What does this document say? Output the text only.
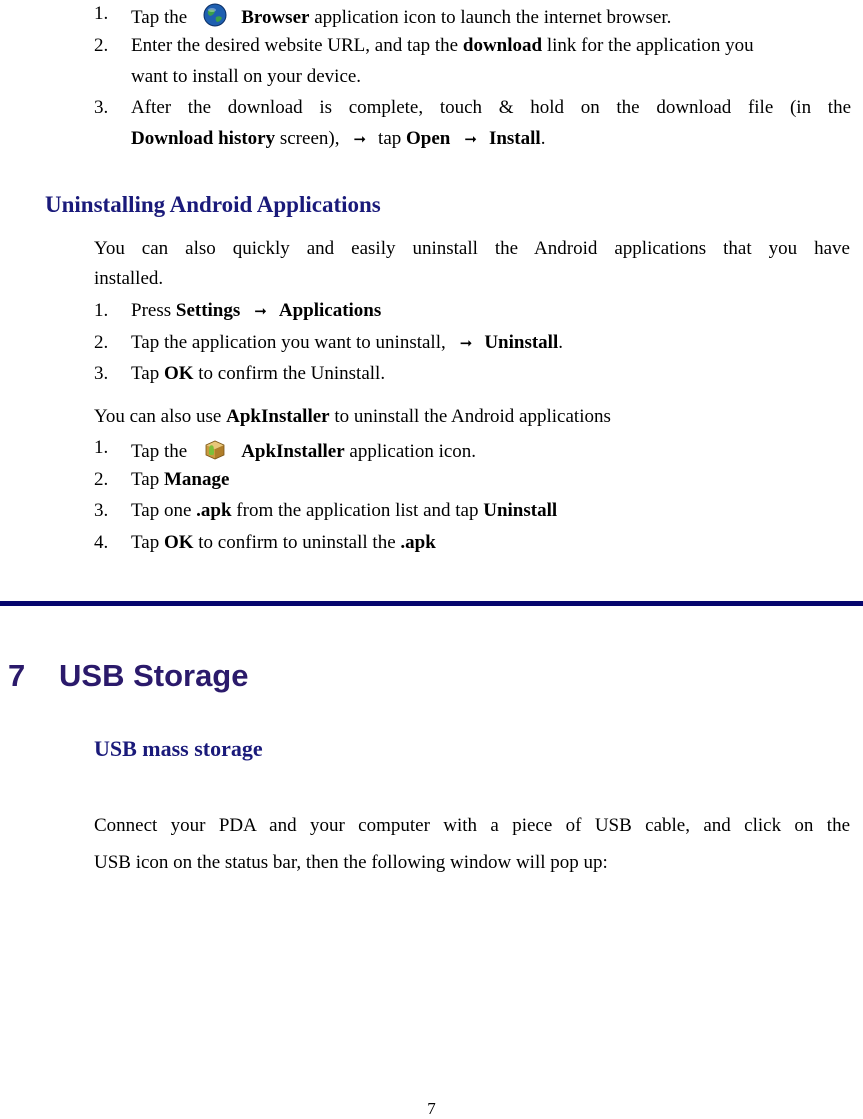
1. Tap the	Browser application icon to launch the internet browser.
2. Enter the desired website URL, and tap the download link for the application you
want to install on your device.
3. After the download is complete, touch & hold on the download file (in the
Download history screen), ➞ tap Open ➞ Install.
Uninstalling Android Applications
You can also quickly and easily uninstall the Android applications that you have
installed.
1. Press Settings ➞ Applications
2. Tap the application you want to uninstall, ➞ Uninstall.
3. Tap OK to confirm the Uninstall.
You can also use ApkInstaller to uninstall the Android applications
1. Tap the	ApkInstaller application icon.
2. Tap Manage
3. Tap one .apk from the application list and tap Uninstall
4. Tap OK to confirm to uninstall the .apk
7 USB Storage
USB mass storage
Connect your PDA and your computer with a piece of USB cable, and click on the
USB icon on the status bar, then the following window will pop up:
7
